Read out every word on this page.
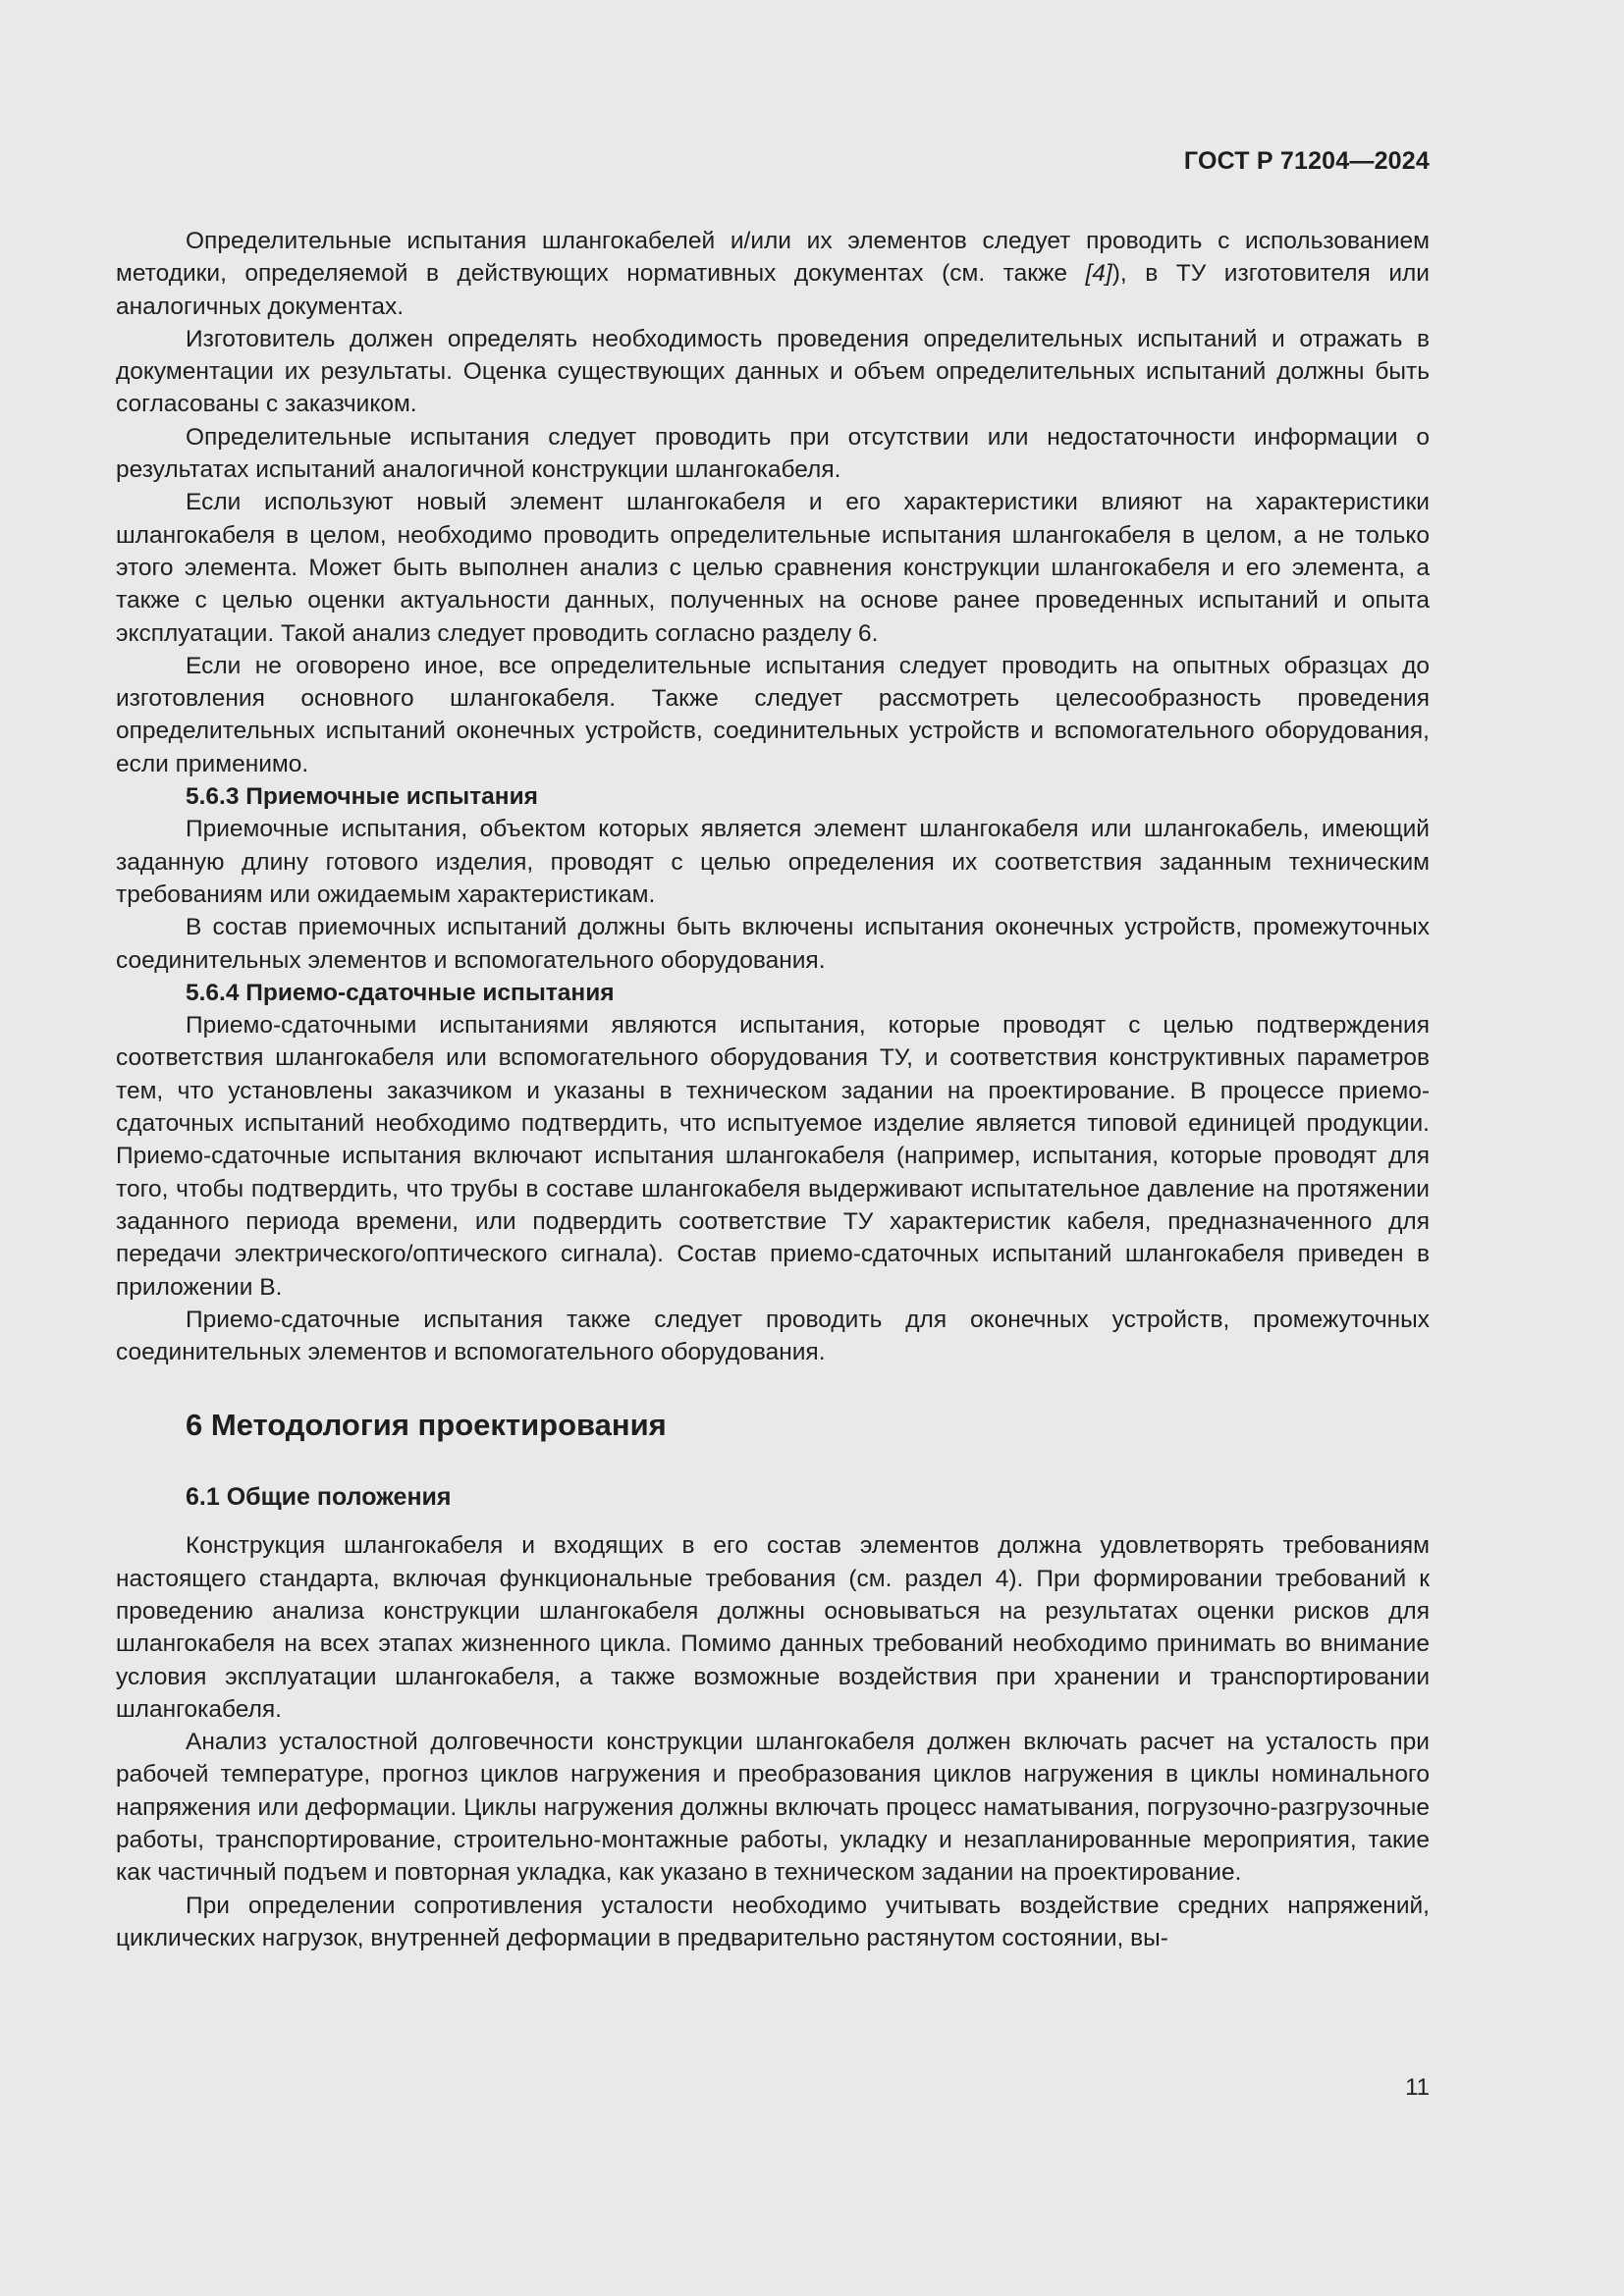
ГОСТ Р 71204—2024

Определительные испытания шлангокабелей и/или их элементов следует проводить с использованием методики, определяемой в действующих нормативных документах (см. также [4]), в ТУ изготовителя или аналогичных документах.

Изготовитель должен определять необходимость проведения определительных испытаний и отражать в документации их результаты. Оценка существующих данных и объем определительных испытаний должны быть согласованы с заказчиком.

Определительные испытания следует проводить при отсутствии или недостаточности информации о результатах испытаний аналогичной конструкции шлангокабеля.

Если используют новый элемент шлангокабеля и его характеристики влияют на характеристики шлангокабеля в целом, необходимо проводить определительные испытания шлангокабеля в целом, а не только этого элемента. Может быть выполнен анализ с целью сравнения конструкции шлангокабеля и его элемента, а также с целью оценки актуальности данных, полученных на основе ранее проведенных испытаний и опыта эксплуатации. Такой анализ следует проводить согласно разделу 6.

Если не оговорено иное, все определительные испытания следует проводить на опытных образцах до изготовления основного шлангокабеля. Также следует рассмотреть целесообразность проведения определительных испытаний оконечных устройств, соединительных устройств и вспомогательного оборудования, если применимо.

5.6.3 Приемочные испытания

Приемочные испытания, объектом которых является элемент шлангокабеля или шлангокабель, имеющий заданную длину готового изделия, проводят с целью определения их соответствия заданным техническим требованиям или ожидаемым характеристикам.

В состав приемочных испытаний должны быть включены испытания оконечных устройств, промежуточных соединительных элементов и вспомогательного оборудования.

5.6.4 Приемо-сдаточные испытания

Приемо-сдаточными испытаниями являются испытания, которые проводят с целью подтверждения соответствия шлангокабеля или вспомогательного оборудования ТУ, и соответствия конструктивных параметров тем, что установлены заказчиком и указаны в техническом задании на проектирование. В процессе приемо-сдаточных испытаний необходимо подтвердить, что испытуемое изделие является типовой единицей продукции. Приемо-сдаточные испытания включают испытания шлангокабеля (например, испытания, которые проводят для того, чтобы подтвердить, что трубы в составе шлангокабеля выдерживают испытательное давление на протяжении заданного периода времени, или подвердить соответствие ТУ характеристик кабеля, предназначенного для передачи электрического/оптического сигнала). Состав приемо-сдаточных испытаний шлангокабеля приведен в приложении В.

Приемо-сдаточные испытания также следует проводить для оконечных устройств, промежуточных соединительных элементов и вспомогательного оборудования.

6 Методология проектирования
6.1 Общие положения

Конструкция шлангокабеля и входящих в его состав элементов должна удовлетворять требованиям настоящего стандарта, включая функциональные требования (см. раздел 4). При формировании требований к проведению анализа конструкции шлангокабеля должны основываться на результатах оценки рисков для шлангокабеля на всех этапах жизненного цикла. Помимо данных требований необходимо принимать во внимание условия эксплуатации шлангокабеля, а также возможные воздействия при хранении и транспортировании шлангокабеля.

Анализ усталостной долговечности конструкции шлангокабеля должен включать расчет на усталость при рабочей температуре, прогноз циклов нагружения и преобразования циклов нагружения в циклы номинального напряжения или деформации. Циклы нагружения должны включать процесс наматывания, погрузочно-разгрузочные работы, транспортирование, строительно-монтажные работы, укладку и незапланированные мероприятия, такие как частичный подъем и повторная укладка, как указано в техническом задании на проектирование.

При определении сопротивления усталости необходимо учитывать воздействие средних напряжений, циклических нагрузок, внутренней деформации в предварительно растянутом состоянии, вы-

11
